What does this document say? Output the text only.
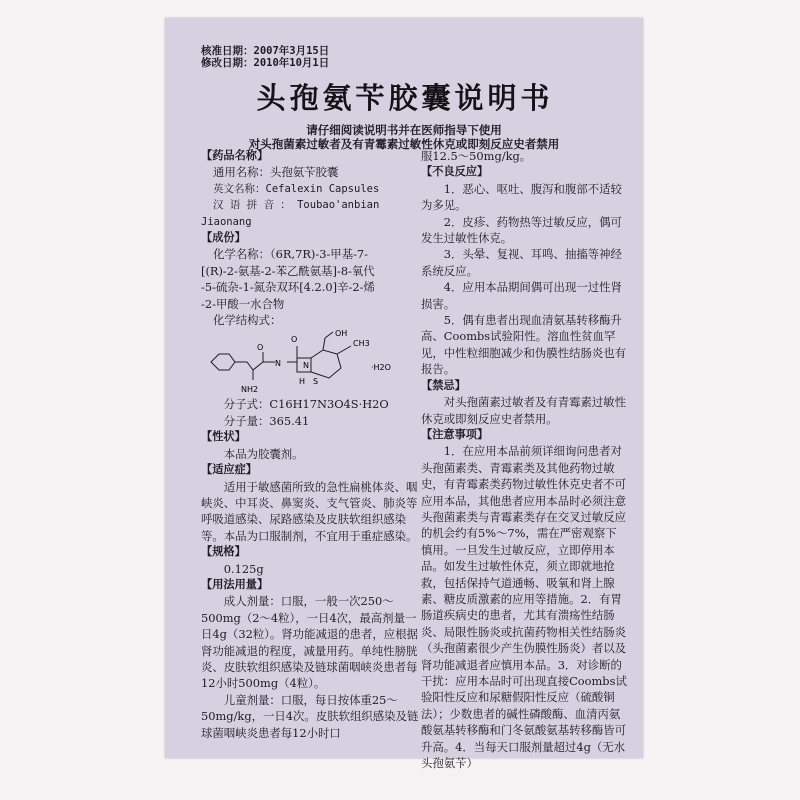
核准日期：2007年3月15日
修改日期：2010年10月1日
头孢氨苄胶囊说明书
请仔细阅读说明书并在医师指导下使用
对头孢菌素过敏者及有青霉素过敏性休克或即刻反应史者禁用

【药品名称】

通用名称：头孢氨苄胶囊

英文名称：Cefalexin Capsules

汉 语 拼 音 ： Toubao'anbian

Jiaonang

【成份】

化学名称：（6R,7R)-3-甲基-7-

[(R)-2-氨基-2-苯乙酰氨基]-8-氧代

-5-硫杂-1-氮杂双环[4.2.0]辛-2-烯

-2-甲酸一水合物

化学结构式：

NH2
O
N
O
N
S
H
OH
CH3
·H2O

分子式：C16H17N3O4S·H2O

分子量：365.41

【性状】

本品为胶囊剂。

【适应症】

适用于敏感菌所致的急性扁桃体炎、咽峡炎、中耳炎、鼻窦炎、支气管炎、肺炎等呼吸道感染、尿路感染及皮肤软组织感染等。本品为口服制剂，不宜用于重症感染。

【规格】

0.125g

【用法用量】

成人剂量：口服，一般一次250～500mg（2～4粒），一日4次，最高剂量一日4g（32粒）。肾功能减退的患者，应根据肾功能减退的程度，减量用药。单纯性膀胱炎、皮肤软组织感染及链球菌咽峡炎患者每12小时500mg（4粒）。

儿童剂量：口服，每日按体重25～50mg/kg，一日4次。皮肤软组织感染及链球菌咽峡炎患者每12小时口

服12.5～50mg/kg。

【不良反应】

1．恶心、呕吐、腹泻和腹部不适较为多见。

2．皮疹、药物热等过敏反应，偶可发生过敏性休克。

3．头晕、复视、耳鸣、抽搐等神经系统反应。

4．应用本品期间偶可出现一过性肾损害。

5．偶有患者出现血清氨基转移酶升高、Coombs试验阳性。溶血性贫血罕见，中性粒细胞减少和伪膜性结肠炎也有报告。

【禁忌】

对头孢菌素过敏者及有青霉素过敏性休克或即刻反应史者禁用。

【注意事项】

1．在应用本品前须详细询问患者对头孢菌素类、青霉素类及其他药物过敏史，有青霉素类药物过敏性休克史者不可应用本品，其他患者应用本品时必须注意头孢菌素类与青霉素类存在交叉过敏反应的机会约有5%～7%，需在严密观察下慎用。一旦发生过敏反应，立即停用本品。如发生过敏性休克，须立即就地抢救，包括保持气道通畅、吸氧和肾上腺素、糖皮质激素的应用等措施。2．有胃肠道疾病史的患者，尤其有溃疡性结肠炎、局限性肠炎或抗菌药物相关性结肠炎（头孢菌素很少产生伪膜性肠炎）者以及肾功能减退者应慎用本品。3．对诊断的干扰：应用本品时可出现直接Coombs试验阳性反应和尿糖假阳性反应（硫酸铜法）；少数患者的碱性磷酸酶、血清丙氨酸氨基转移酶和门冬氨酸氨基转移酶皆可升高。4．当每天口服剂量超过4g（无水头孢氨苄）
